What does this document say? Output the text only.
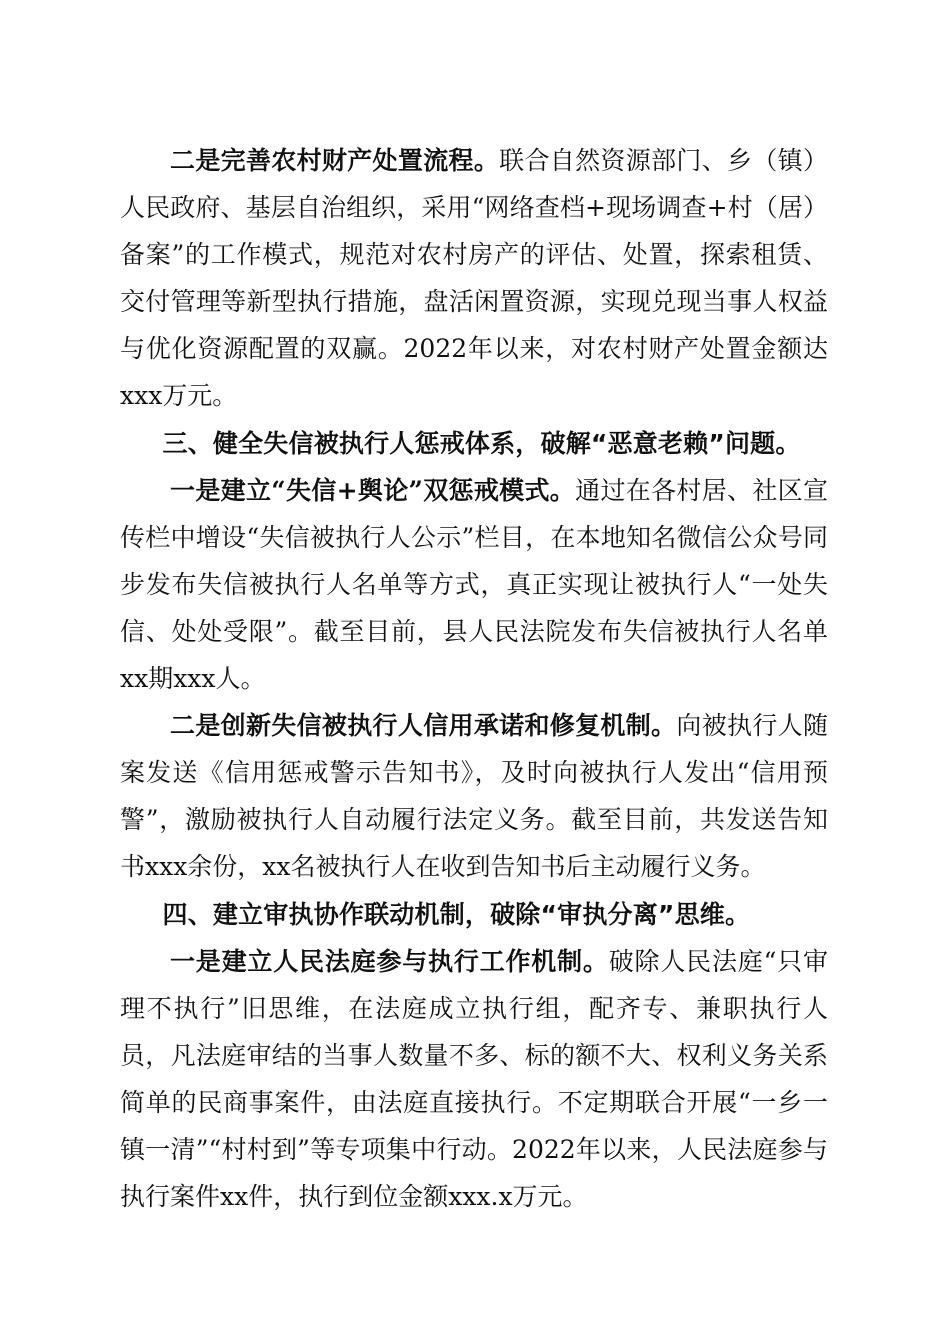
二是完善农村财产处置流程。联合自然资源部门、乡（镇）人民政府、基层自治组织，采用“网络查档+现场调查+村（居）备案”的工作模式，规范对农村房产的评估、处置，探索租赁、交付管理等新型执行措施，盘活闲置资源，实现兑现当事人权益与优化资源配置的双赢。2022年以来，对农村财产处置金额达xxx万元。

三、健全失信被执行人惩戒体系，破解“恶意老赖”问题。

一是建立“失信+舆论”双惩戒模式。通过在各村居、社区宣传栏中增设“失信被执行人公示”栏目，在本地知名微信公众号同步发布失信被执行人名单等方式，真正实现让被执行人“一处失信、处处受限”。截至目前，县人民法院发布失信被执行人名单xx期xxx人。

二是创新失信被执行人信用承诺和修复机制。向被执行人随案发送《信用惩戒警示告知书》，及时向被执行人发出“信用预警”，激励被执行人自动履行法定义务。截至目前，共发送告知书xxx余份，xx名被执行人在收到告知书后主动履行义务。

四、建立审执协作联动机制，破除“审执分离”思维。

一是建立人民法庭参与执行工作机制。破除人民法庭“只审理不执行”旧思维，在法庭成立执行组，配齐专、兼职执行人员，凡法庭审结的当事人数量不多、标的额不大、权利义务关系简单的民商事案件，由法庭直接执行。不定期联合开展“一乡一镇一清”“村村到”等专项集中行动。2022年以来，人民法庭参与执行案件xx件，执行到位金额xxx.x万元。
